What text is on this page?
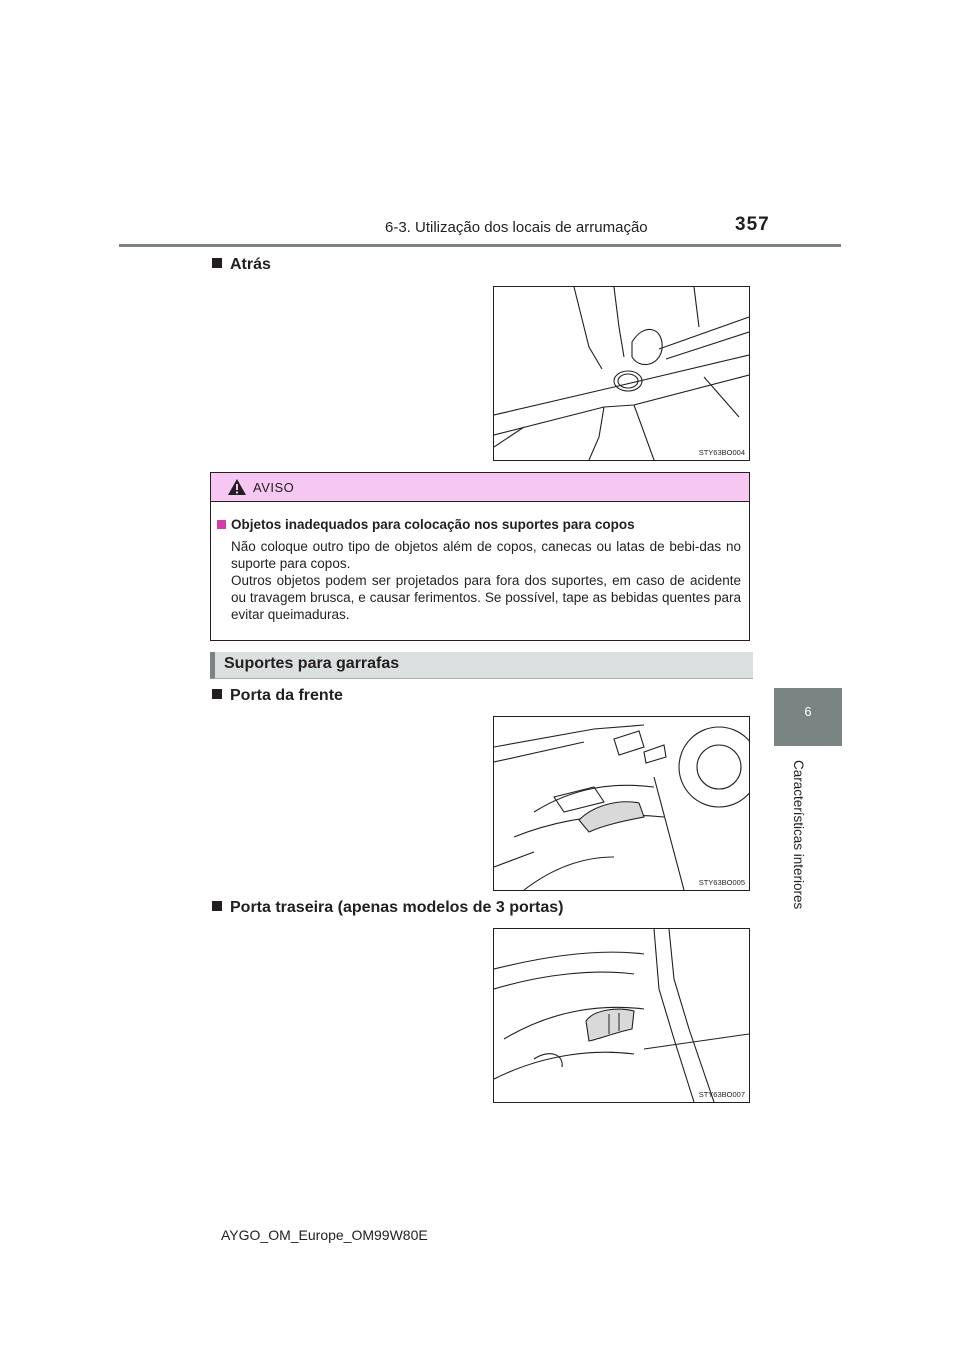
6-3. Utilização dos locais de arrumação	357
6
Características interiores
Atrás
STY63BO004
AVISO
Objetos inadequados para colocação nos suportes para copos

Não coloque outro tipo de objetos além de copos, canecas ou latas de bebi-das no suporte para copos.

Outros objetos podem ser projetados para fora dos suportes, em caso de acidente ou travagem brusca, e causar ferimentos. Se possível, tape as bebidas quentes para evitar queimaduras.

Suportes para garrafas
Porta da frente
STY63BO005
Porta traseira (apenas modelos de 3 portas)
STY63BO007
AYGO_OM_Europe_OM99W80E
